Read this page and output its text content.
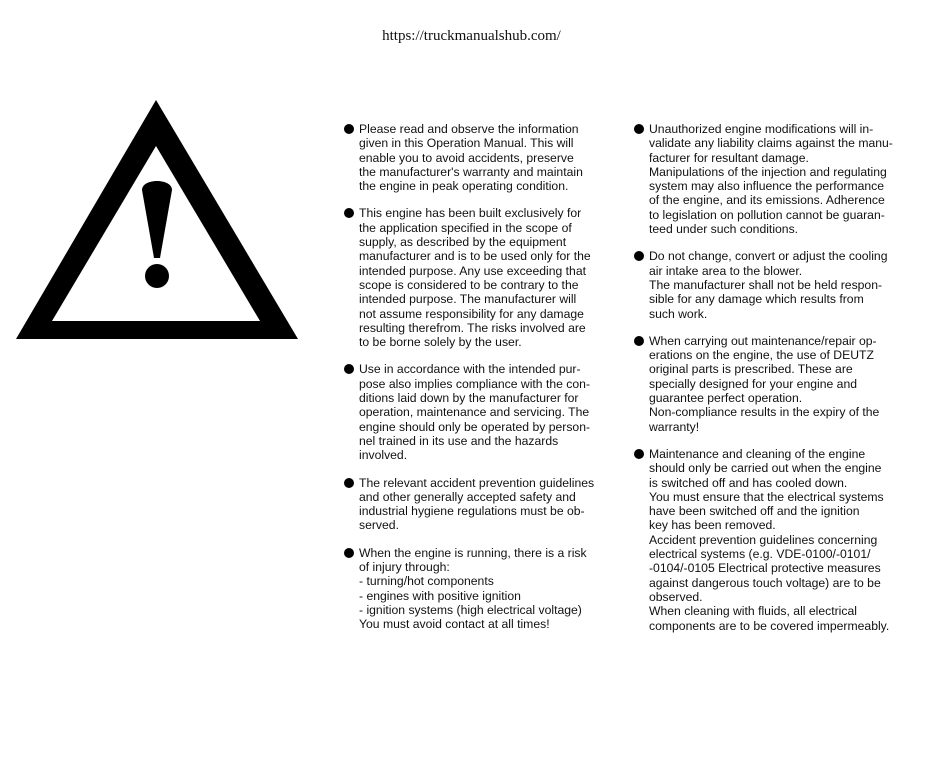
https://truckmanualshub.com/
Please read and observe the information
given in this Operation Manual. This will
enable you to avoid accidents, preserve
the manufacturer's warranty and maintain
the engine in peak operating condition.
This engine has been built exclusively for
the application specified in the scope of
supply, as described by the equipment
manufacturer and is to be used only for the
intended purpose. Any use exceeding that
scope is considered to be contrary to the
intended purpose. The manufacturer will
not assume responsibility for any damage
resulting therefrom. The risks involved are
to be borne solely by the user.
Use in accordance with the intended pur-
pose also implies compliance with the con-
ditions laid down by the manufacturer for
operation, maintenance and servicing. The
engine should only be operated by person-
nel trained in its use and the hazards
involved.
The relevant accident prevention guidelines
and other generally accepted safety and
industrial hygiene regulations must be ob-
served.
When the engine is running, there is a risk
of injury through:
- turning/hot components
- engines with positive ignition
- ignition systems (high electrical voltage)
You must avoid contact at all times!
Unauthorized engine modifications will in-
validate any liability claims against the manu-
facturer for resultant damage.
Manipulations of the injection and regulating
system may also influence the performance
of the engine, and its emissions. Adherence
to legislation on pollution cannot be guaran-
teed under such conditions.
Do not change, convert or adjust the cooling
air intake area to the blower.
The manufacturer shall not be held respon-
sible for any damage which results from
such work.
When carrying out maintenance/repair op-
erations on the engine, the use of DEUTZ
original parts is prescribed. These are
specially designed for your engine and
guarantee perfect operation.
Non-compliance results in the expiry of the
warranty!
Maintenance and cleaning of the engine
should only be carried out when the engine
is switched off and has cooled down.
You must ensure that the electrical systems
have been switched off and the ignition
key has been removed.
Accident prevention guidelines concerning
electrical systems (e.g. VDE-0100/-0101/
-0104/-0105 Electrical protective measures
against dangerous touch voltage) are to be
observed.
When cleaning with fluids, all electrical
components are to be covered impermeably.
